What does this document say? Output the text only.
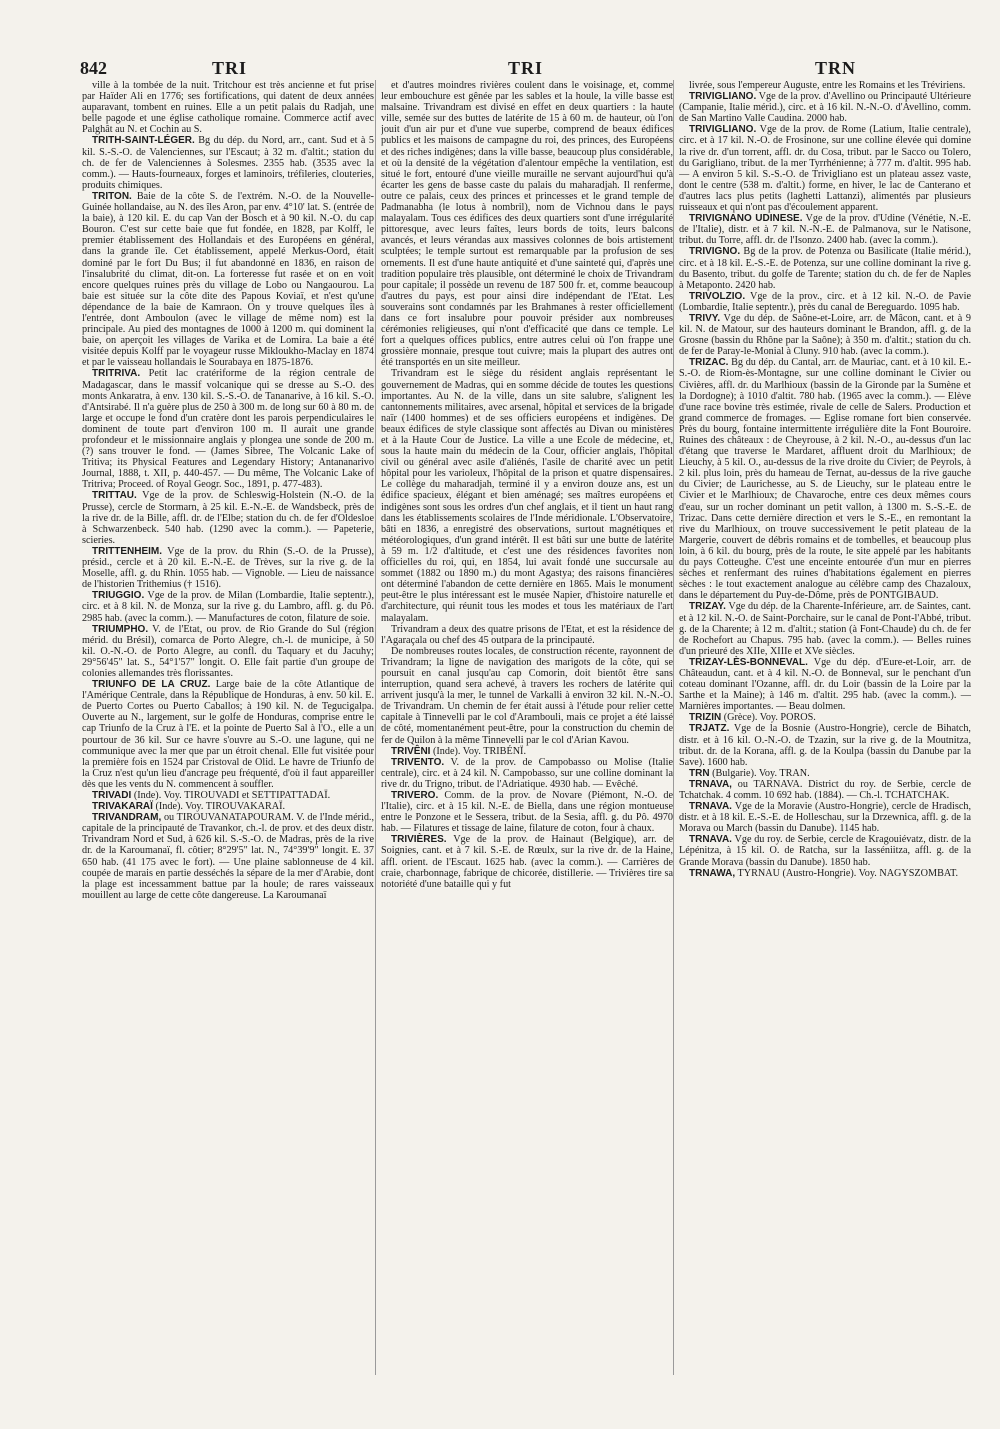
842	TRI	TRI	TRN

ville à la tombée de la nuit. Tritchour est très ancienne et fut prise par Haïder Ali en 1776; ses fortifications, qui datent de deux années auparavant, tombent en ruines. Elle a un petit palais du Radjah, une belle pagode et une église catholique romaine. Commerce actif avec Palghât au N. et Cochin au S.

TRITH-SAINT-LÉGER. Bg du dép. du Nord, arr., cant. Sud et à 5 kil. S.-S.-O. de Valenciennes, sur l'Escaut; à 32 m. d'altit.; station du ch. de fer de Valenciennes à Solesmes. 2355 hab. (3535 avec la comm.). — Hauts-fourneaux, forges et laminoirs, tréfileries, clouteries, produits chimiques.

TRITON. Baie de la côte S. de l'extrém. N.-O. de la Nouvelle-Guinée hollandaise, au N. des îles Aron, par env. 4°10' lat. S. (entrée de la baie), à 120 kil. E. du cap Van der Bosch et à 90 kil. N.-O. du cap Bouron. C'est sur cette baie que fut fondée, en 1828, par Kolff, le premier établissement des Hollandais et des Européens en général, dans la grande île. Cet établissement, appelé Merkus-Oord, était dominé par le fort Du Bus; il fut abandonné en 1836, en raison de l'insalubrité du climat, dit-on. La forteresse fut rasée et on en voit encore quelques ruines près du village de Lobo ou Nangaourou. La baie est située sur la côte dite des Papous Koviaï, et n'est qu'une dépendance de la baie de Kamraon. On y trouve quelques îles à l'entrée, dont Amboulon (avec le village de même nom) est la principale. Au pied des montagnes de 1000 à 1200 m. qui dominent la baie, on aperçoit les villages de Varika et de Lomira. La baie a été visitée depuis Kolff par le voyageur russe Mikloukho-Maclay en 1874 et par le vaisseau hollandais le Sourabaya en 1875-1876.

TRITRIVA. Petit lac cratériforme de la région centrale de Madagascar, dans le massif volcanique qui se dresse au S.-O. des monts Ankaratra, à env. 130 kil. S.-S.-O. de Tananarive, à 16 kil. S.-O. d'Antsirabé. Il n'a guère plus de 250 à 300 m. de long sur 60 à 80 m. de large et occupe le fond d'un cratère dont les parois perpendiculaires le dominent de toute part d'environ 100 m. Il aurait une grande profondeur et le missionnaire anglais y plongea une sonde de 200 m. (?) sans trouver le fond. — (James Sibree, The Volcanic Lake of Tritiva; its Physical Features and Legendary History; Antananarivo Journal, 1888, t. XII, p. 440-457. — Du même, The Volcanic Lake of Tritriva; Proceed. of Royal Geogr. Soc., 1891, p. 477-483).

TRITTAU. Vge de la prov. de Schleswig-Holstein (N.-O. de la Prusse), cercle de Stormarn, à 25 kil. E.-N.-E. de Wandsbeck, près de la rive dr. de la Bille, affl. dr. de l'Elbe; station du ch. de fer d'Oldesloe à Schwarzenbeck. 540 hab. (1290 avec la comm.). — Papeterie, scieries.

TRITTENHEIM. Vge de la prov. du Rhin (S.-O. de la Prusse), présid., cercle et à 20 kil. E.-N.-E. de Trèves, sur la rive g. de la Moselle, affl. g. du Rhin. 1055 hab. — Vignoble. — Lieu de naissance de l'historien Trithemius († 1516).

TRIUGGIO. Vge de la prov. de Milan (Lombardie, Italie septentr.), circ. et à 8 kil. N. de Monza, sur la rive g. du Lambro, affl. g. du Pô. 2985 hab. (avec la comm.). — Manufactures de coton, filature de soie.

TRIUMPHO. V. de l'Etat, ou prov. de Rio Grande do Sul (région mérid. du Brésil), comarca de Porto Alegre, ch.-l. de municipe, à 50 kil. O.-N.-O. de Porto Alegre, au confl. du Taquary et du Jacuhy; 29°56'45" lat. S., 54°1'57" longit. O. Elle fait partie d'un groupe de colonies allemandes très florissantes.

TRIUNFO DE LA CRUZ. Large baie de la côte Atlantique de l'Amérique Centrale, dans la République de Honduras, à env. 50 kil. E. de Puerto Cortes ou Puerto Caballos; à 190 kil. N. de Tegucigalpa. Ouverte au N., largement, sur le golfe de Honduras, comprise entre le cap Triunfo de la Cruz à l'E. et la pointe de Puerto Sal à l'O., elle a un pourtour de 36 kil. Sur ce havre s'ouvre au S.-O. une lagune, qui ne communique avec la mer que par un étroit chenal. Elle fut visitée pour la première fois en 1524 par Cristoval de Olid. Le havre de Triunfo de la Cruz n'est qu'un lieu d'ancrage peu fréquenté, d'où il faut appareiller dès que les vents du N. commencent à souffler.

TRIVADI (Inde). Voy. TIROUVADI et SETTIPATTADAÏ.

TRIVAKARAÏ (Inde). Voy. TIROUVAKARAÏ.

TRIVANDRAM, ou TIROUVANATAPOURAM. V. de l'Inde mérid., capitale de la principauté de Travankor, ch.-l. de prov. et des deux distr. Trivandram Nord et Sud, à 626 kil. S.-S.-O. de Madras, près de la rive dr. de la Karoumanaï, fl. côtier; 8°29'5" lat. N., 74°39'9" longit. E. 37 650 hab. (41 175 avec le fort). — Une plaine sablonneuse de 4 kil. coupée de marais en partie desséchés la sépare de la mer d'Arabie, dont la plage est incessamment battue par la houle; de rares vaisseaux mouillent au large de cette côte dangereuse. La Karoumanaï

et d'autres moindres rivières coulent dans le voisinage, et, comme leur embouchure est gênée par les sables et la houle, la ville basse est malsaine. Trivandram est divisé en effet en deux quartiers : la haute ville, semée sur des buttes de latérite de 15 à 60 m. de hauteur, où l'on jouit d'un air pur et d'une vue superbe, comprend de beaux édifices publics et les maisons de campagne du roi, des princes, des Européens et des riches indigènes; dans la ville basse, beaucoup plus considérable, et où la densité de la végétation d'alentour empêche la ventilation, est situé le fort, entouré d'une vieille muraille ne servant aujourd'hui qu'à écarter les gens de basse caste du palais du maharadjah. Il renferme, outre ce palais, ceux des princes et princesses et le grand temple de Padmanabha (le lotus à nombril), nom de Vichnou dans le pays malayalam. Tous ces édifices des deux quartiers sont d'une irrégularité pittoresque, avec leurs faîtes, leurs bords de toits, leurs balcons avancés, et leurs vérandas aux massives colonnes de bois artistement sculptées; le temple surtout est remarquable par la profusion de ses ornements. Il est d'une haute antiquité et d'une sainteté qui, d'après une tradition populaire très plausible, ont déterminé le choix de Trivandram pour capitale; il possède un revenu de 187 500 fr. et, comme beaucoup d'autres du pays, est pour ainsi dire indépendant de l'Etat. Les souverains sont condamnés par les Brahmanes à rester officiellement dans ce fort insalubre pour pouvoir présider aux nombreuses cérémonies religieuses, qui n'ont d'efficacité que dans ce temple. Le fort a quelques offices publics, entre autres celui où l'on frappe une grossière monnaie, presque tout cuivre; mais la plupart des autres ont été transportés en un site meilleur.

Trivandram est le siège du résident anglais représentant le gouvernement de Madras, qui en somme décide de toutes les questions importantes. Au N. de la ville, dans un site salubre, s'alignent les cantonnements militaires, avec arsenal, hôpital et services de la brigade naïr (1400 hommes) et de ses officiers européens et indigènes. De beaux édifices de style classique sont affectés au Divan ou ministères et à la Haute Cour de Justice. La ville a une Ecole de médecine, et, sous la haute main du médecin de la Cour, officier anglais, l'hôpital civil ou général avec asile d'aliénés, l'asile de charité avec un petit hôpital pour les varioleux, l'hôpital de la prison et quatre dispensaires. Le collège du maharadjah, terminé il y a environ douze ans, est un édifice spacieux, élégant et bien aménagé; ses maîtres européens et indigènes sont sous les ordres d'un chef anglais, et il tient un haut rang dans les établissements scolaires de l'Inde méridionale. L'Observatoire, bâti en 1836, a enregistré des observations, surtout magnétiques et météorologiques, d'un grand intérêt. Il est bâti sur une butte de latérite à 59 m. 1/2 d'altitude, et c'est une des résidences favorites non officielles du roi, qui, en 1854, lui avait fondé une succursale au sommet (1882 ou 1890 m.) du mont Agastya; des raisons financières ont déterminé l'abandon de cette dernière en 1865. Mais le monument peut-être le plus intéressant est le musée Napier, d'histoire naturelle et d'architecture, qui réunit tous les modes et tous les matériaux de l'art malayalam.

Trivandram a deux des quatre prisons de l'Etat, et est la résidence de l'Agaraçala ou chef des 45 outpara de la principauté.

De nombreuses routes locales, de construction récente, rayonnent de Trivandram; la ligne de navigation des marigots de la côte, qui se poursuit en canal jusqu'au cap Comorin, doit bientôt être sans interruption, quand sera achevé, à travers les rochers de latérite qui arrivent jusqu'à la mer, le tunnel de Varkalli à environ 32 kil. N.-N.-O. de Trivandram. Un chemin de fer était aussi à l'étude pour relier cette capitale à Tinnevelli par le col d'Arambouli, mais ce projet a été laissé de côté, momentanément peut-être, pour la construction du chemin de fer de Quilon à la même Tinnevelli par le col d'Arian Kavou.

TRIVÊNI (Inde). Voy. TRIBÉNÏ.

TRIVENTO. V. de la prov. de Campobasso ou Molise (Italie centrale), circ. et à 24 kil. N. Campobasso, sur une colline dominant la rive dr. du Trigno, tribut. de l'Adriatique. 4930 hab. — Evêché.

TRIVERO. Comm. de la prov. de Novare (Piémont, N.-O. de l'Italie), circ. et à 15 kil. N.-E. de Biella, dans une région montueuse entre le Ponzone et le Sessera, tribut. de la Sesia, affl. g. du Pô. 4970 hab. — Filatures et tissage de laine, filature de coton, four à chaux.

TRIVIÈRES. Vge de la prov. de Hainaut (Belgique), arr. de Soignies, cant. et à 7 kil. S.-E. de Rœulx, sur la rive dr. de la Haine, affl. orient. de l'Escaut. 1625 hab. (avec la comm.). — Carrières de craie, charbonnage, fabrique de chicorée, distillerie. — Trivières tire sa notoriété d'une bataille qui y fut

livrée, sous l'empereur Auguste, entre les Romains et les Tréviriens.

TRIVIGLIANO. Vge de la prov. d'Avellino ou Principauté Ultérieure (Campanie, Italie mérid.), circ. et à 16 kil. N.-N.-O. d'Avellino, comm. de San Martino Valle Caudina. 2000 hab.

TRIVIGLIANO. Vge de la prov. de Rome (Latium, Italie centrale), circ. et à 17 kil. N.-O. de Frosinone, sur une colline élevée qui domine la rive dr. d'un torrent, affl. dr. du Cosa, tribut. par le Sacco ou Tolero, du Garigliano, tribut. de la mer Tyrrhénienne; à 777 m. d'altit. 995 hab. — A environ 5 kil. S.-S.-O. de Trivigliano est un plateau assez vaste, dont le centre (538 m. d'altit.) forme, en hiver, le lac de Canterano et d'autres lacs plus petits (laghetti Lattanzi), alimentés par plusieurs ruisseaux et qui n'ont pas d'écoulement apparent.

TRIVIGNANO UDINESE. Vge de la prov. d'Udine (Vénétie, N.-E. de l'Italie), distr. et à 7 kil. N.-N.-E. de Palmanova, sur le Natisone, tribut. du Torre, affl. dr. de l'Isonzo. 2400 hab. (avec la comm.).

TRIVIGNO. Bg de la prov. de Potenza ou Basilicate (Italie mérid.), circ. et à 18 kil. E.-S.-E. de Potenza, sur une colline dominant la rive g. du Basento, tribut. du golfe de Tarente; station du ch. de fer de Naples à Metaponto. 2420 hab.

TRIVOLZIO. Vge de la prov., circ. et à 12 kil. N.-O. de Pavie (Lombardie, Italie septentr.), près du canal de Bereguardo. 1095 hab.

TRIVY. Vge du dép. de Saône-et-Loire, arr. de Mâcon, cant. et à 9 kil. N. de Matour, sur des hauteurs dominant le Brandon, affl. g. de la Grosne (bassin du Rhône par la Saône); à 350 m. d'altit.; station du ch. de fer de Paray-le-Monial à Cluny. 910 hab. (avec la comm.).

TRIZAC. Bg du dép. du Cantal, arr. de Mauriac, cant. et à 10 kil. E.-S.-O. de Riom-ès-Montagne, sur une colline dominant le Civier ou Civières, affl. dr. du Marlhioux (bassin de la Gironde par la Sumène et la Dordogne); à 1010 d'altit. 780 hab. (1965 avec la comm.). — Elève d'une race bovine très estimée, rivale de celle de Salers. Production et grand commerce de fromages. — Eglise romane fort bien conservée. Près du bourg, fontaine intermittente irrégulière dite la Font Bouroire. Ruines des châteaux : de Cheyrouse, à 2 kil. N.-O., au-dessus d'un lac d'étang que traverse le Mardaret, affluent droit du Marlhioux; de Lieuchy, à 5 kil. O., au-dessus de la rive droite du Civier; de Peyrols, à 2 kil. plus loin, près du hameau de Ternat, au-dessus de la rive gauche du Civier; de Laurichesse, au S. de Lieuchy, sur le plateau entre le Civier et le Marlhioux; de Chavaroche, entre ces deux mêmes cours d'eau, sur un rocher dominant un petit vallon, à 1300 m. S.-S.-E. de Trizac. Dans cette dernière direction et vers le S.-E., en remontant la rive du Marlhioux, on trouve successivement le petit plateau de la Margerie, couvert de débris romains et de tombelles, et beaucoup plus loin, à 6 kil. du bourg, près de la route, le site appelé par les habitants du pays Cotteughe. C'est une enceinte entourée d'un mur en pierres sèches et renfermant des ruines d'habitations également en pierres sèches : le tout exactement analogue au célèbre camp des Chazaloux, dans le département du Puy-de-Dôme, près de PONTGIBAUD.

TRIZAY. Vge du dép. de la Charente-Inférieure, arr. de Saintes, cant. et à 12 kil. N.-O. de Saint-Porchaire, sur le canal de Pont-l'Abbé, tribut. g. de la Charente; à 12 m. d'altit.; station (à Font-Chaude) du ch. de fer de Rochefort au Chapus. 795 hab. (avec la comm.). — Belles ruines d'un prieuré des XIIe, XIIIe et XVe siècles.

TRIZAY-LÈS-BONNEVAL. Vge du dép. d'Eure-et-Loir, arr. de Châteaudun, cant. et à 4 kil. N.-O. de Bonneval, sur le penchant d'un coteau dominant l'Ozanne, affl. dr. du Loir (bassin de la Loire par la Sarthe et la Maine); à 146 m. d'altit. 295 hab. (avec la comm.). — Marnières importantes. — Beau dolmen.

TRIZIN (Grèce). Voy. POROS.

TRJATZ. Vge de la Bosnie (Austro-Hongrie), cercle de Bihatch, distr. et à 16 kil. O.-N.-O. de Tzazin, sur la rive g. de la Moutnitza, tribut. dr. de la Korana, affl. g. de la Koulpa (bassin du Danube par la Save). 1600 hab.

TRN (Bulgarie). Voy. TRAN.

TRNAVA, ou TARNAVA. District du roy. de Serbie, cercle de Tchatchak. 4 comm. 10 692 hab. (1884). — Ch.-l. TCHATCHAK.

TRNAVA. Vge de la Moravie (Austro-Hongrie), cercle de Hradisch, distr. et à 18 kil. E.-S.-E. de Holleschau, sur la Drzewnica, affl. g. de la Morava ou March (bassin du Danube). 1145 hab.

TRNAVA. Vge du roy. de Serbie, cercle de Kragouiévatz, distr. de la Lépénitza, à 15 kil. O. de Ratcha, sur la Iasséniitza, affl. g. de la Grande Morava (bassin du Danube). 1850 hab.

TRNAWA, TYRNAU (Austro-Hongrie). Voy. NAGYSZOMBAT.
